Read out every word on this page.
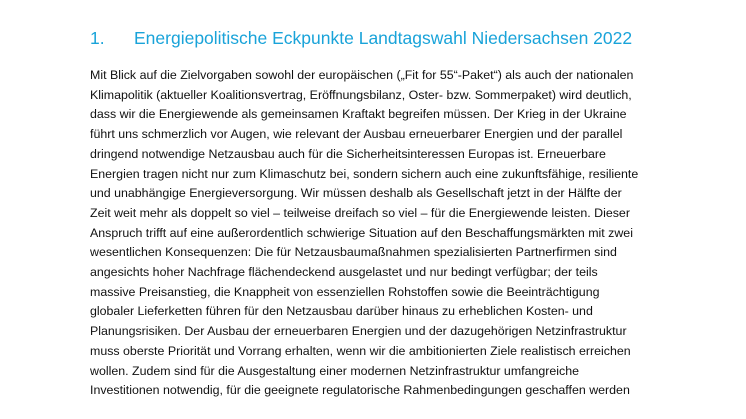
1. Energiepolitische Eckpunkte Landtagswahl Niedersachsen 2022

Mit Blick auf die Zielvorgaben sowohl der europäischen („Fit for 55“-Paket“) als auch der nationalen
Klimapolitik (aktueller Koalitionsvertrag, Eröffnungsbilanz, Oster- bzw. Sommerpaket) wird deutlich,
dass wir die Energiewende als gemeinsamen Kraftakt begreifen müssen. Der Krieg in der Ukraine
führt uns schmerzlich vor Augen, wie relevant der Ausbau erneuerbarer Energien und der parallel
dringend notwendige Netzausbau auch für die Sicherheitsinteressen Europas ist. Erneuerbare
Energien tragen nicht nur zum Klimaschutz bei, sondern sichern auch eine zukunftsfähige, resiliente
und unabhängige Energieversorgung. Wir müssen deshalb als Gesellschaft jetzt in der Hälfte der
Zeit weit mehr als doppelt so viel – teilweise dreifach so viel – für die Energiewende leisten. Dieser
Anspruch trifft auf eine außerordentlich schwierige Situation auf den Beschaffungsmärkten mit zwei
wesentlichen Konsequenzen: Die für Netzausbaumaßnahmen spezialisierten Partnerfirmen sind
angesichts hoher Nachfrage flächendeckend ausgelastet und nur bedingt verfügbar; der teils
massive Preisanstieg, die Knappheit von essenziellen Rohstoffen sowie die Beeinträchtigung
globaler Lieferketten führen für den Netzausbau darüber hinaus zu erheblichen Kosten- und
Planungsrisiken. Der Ausbau der erneuerbaren Energien und der dazugehörigen Netzinfrastruktur
muss oberste Priorität und Vorrang erhalten, wenn wir die ambitionierten Ziele realistisch erreichen
wollen. Zudem sind für die Ausgestaltung einer modernen Netzinfrastruktur umfangreiche
Investitionen notwendig, für die geeignete regulatorische Rahmenbedingungen geschaffen werden
